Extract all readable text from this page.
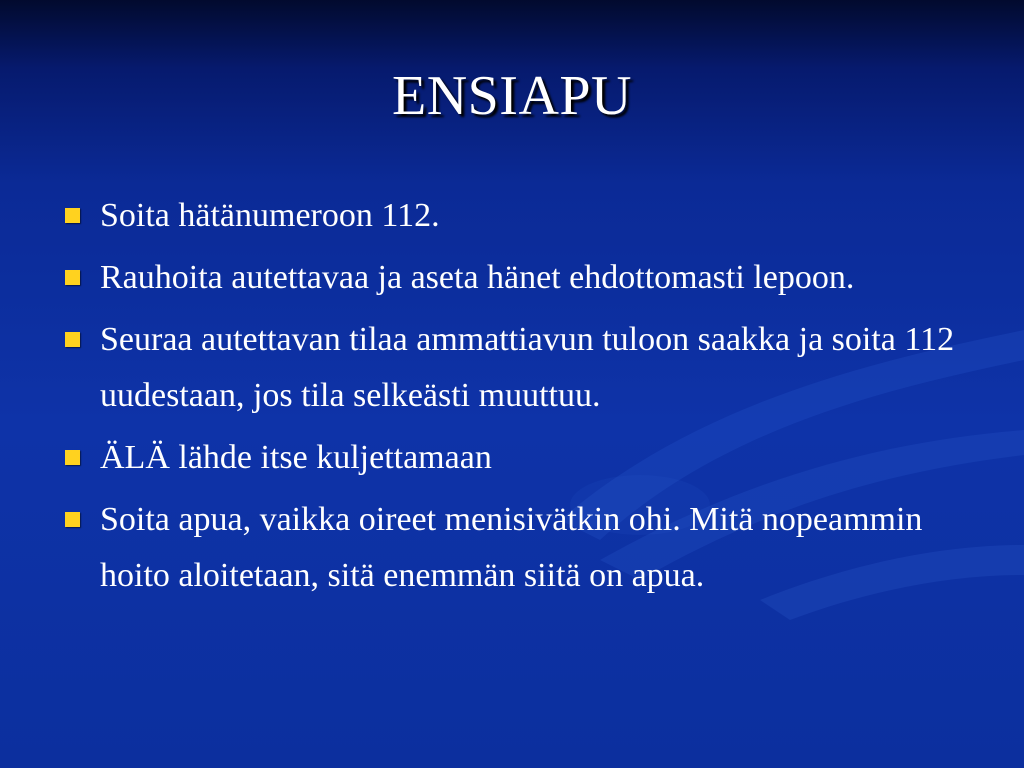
ENSIAPU
Soita hätänumeroon 112.
Rauhoita autettavaa ja aseta hänet ehdottomasti lepoon.
Seuraa autettavan tilaa ammattiavun tuloon saakka ja soita 112 uudestaan, jos tila selkeästi muuttuu.
ÄLÄ lähde itse kuljettamaan
Soita apua, vaikka oireet menisivätkin ohi. Mitä nopeammin hoito aloitetaan, sitä enemmän siitä on apua.
